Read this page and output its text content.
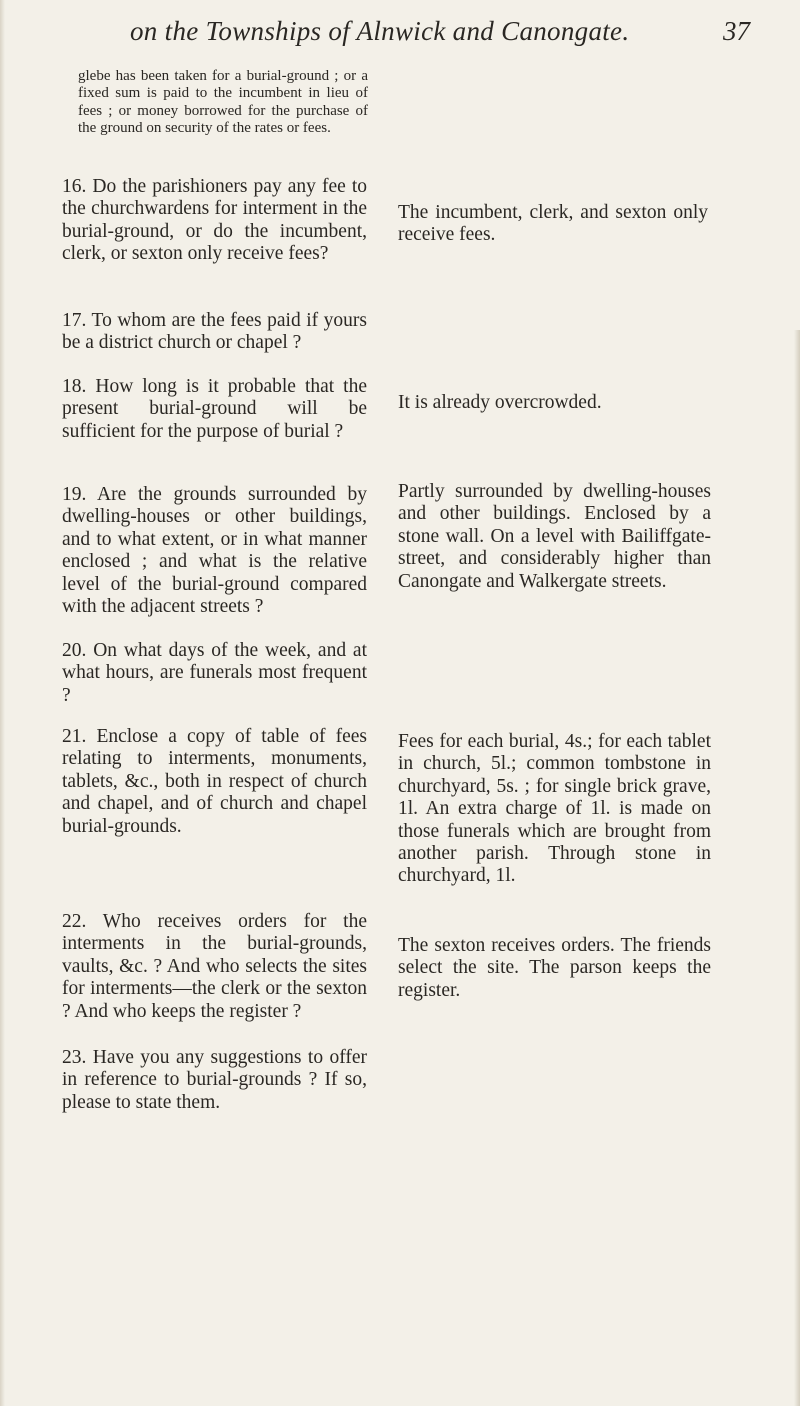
on the Townships of Alnwick and Canongate.	37
glebe has been taken for a burial-ground ; or a fixed sum is paid to the incumbent in lieu of fees ; or money borrowed for the purchase of the ground on security of the rates or fees.
16. Do the parishioners pay any fee to the churchwardens for interment in the burial-ground, or do the incumbent, clerk, or sexton only receive fees?
17. To whom are the fees paid if yours be a district church or chapel ?
18. How long is it probable that the present burial-ground will be sufficient for the purpose of burial ?
19. Are the grounds surrounded by dwelling-houses or other buildings, and to what extent, or in what manner enclosed ; and what is the relative level of the burial-ground compared with the adjacent streets ?
20. On what days of the week, and at what hours, are funerals most frequent ?
21. Enclose a copy of table of fees relating to interments, monuments, tablets, &c., both in respect of church and chapel, and of church and chapel burial-grounds.
22. Who receives orders for the interments in the burial-grounds, vaults, &c. ? And who selects the sites for interments—the clerk or the sexton ? And who keeps the register ?
23. Have you any suggestions to offer in reference to burial-grounds ? If so, please to state them.
The incumbent, clerk, and sexton only receive fees.
It is already overcrowded.
Partly surrounded by dwelling-houses and other buildings. Enclosed by a stone wall. On a level with Bailiffgate-street, and considerably higher than Canongate and Walkergate streets.
Fees for each burial, 4s.; for each tablet in church, 5l.; common tombstone in churchyard, 5s. ; for single brick grave, 1l. An extra charge of 1l. is made on those funerals which are brought from another parish. Through stone in churchyard, 1l.
The sexton receives orders. The friends select the site. The parson keeps the register.
